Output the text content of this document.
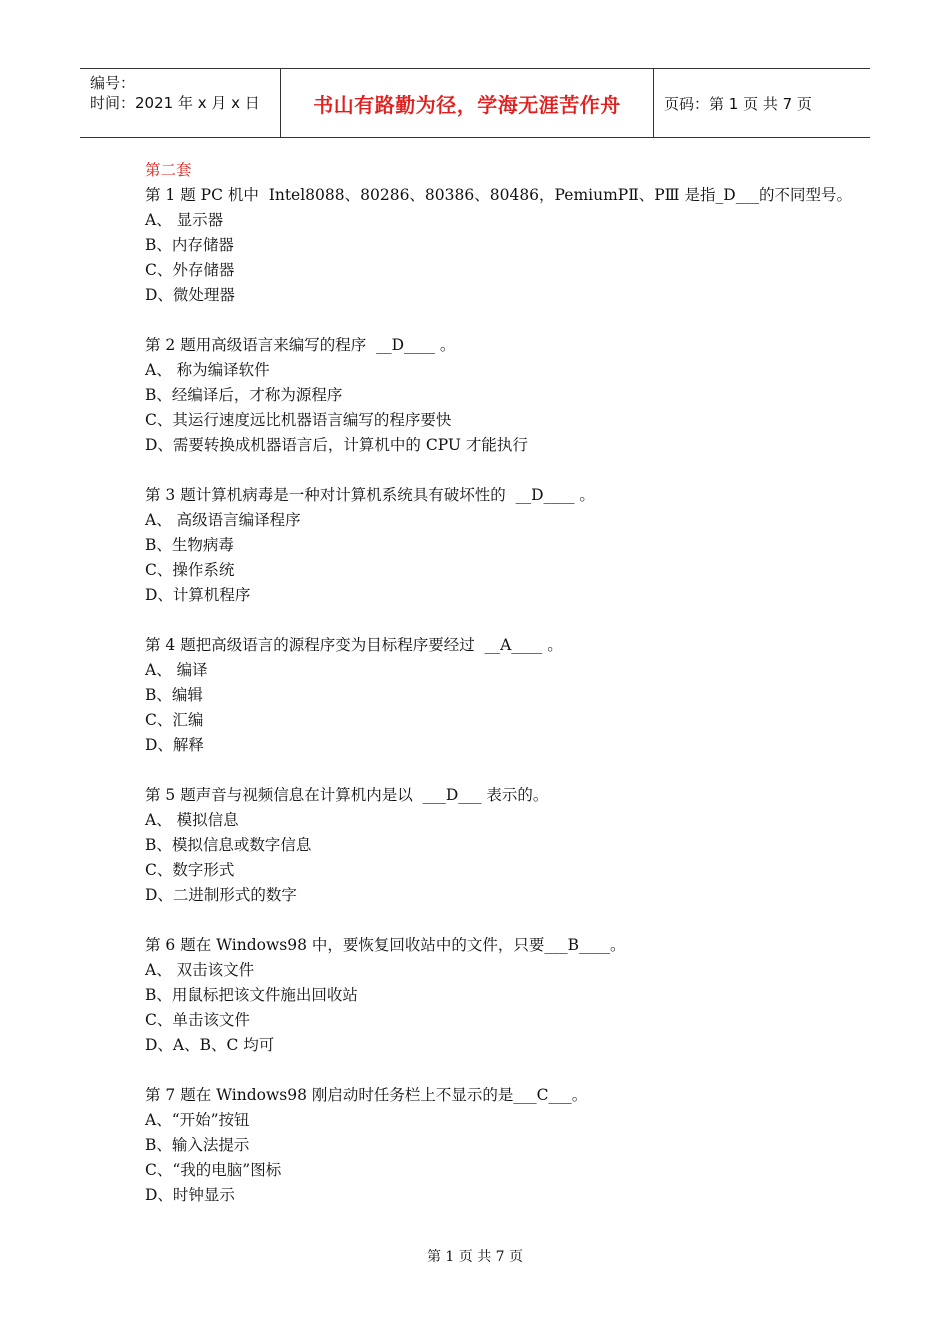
编号：
时间：2021 年 x 月 x 日	书山有路勤为径，学海无涯苦作舟	页码：第 1 页 共 7 页
第二套
第 1 题 PC 机中  Intel8088、80286、80386、80486，PemiumPⅡ、PⅢ 是指_D___的不同型号。
A、 显示器
B、内存储器
C、外存储器
D、微处理器
第 2 题用高级语言来编写的程序  __D____ 。
A、 称为编译软件
B、经编译后，才称为源程序
C、其运行速度远比机器语言编写的程序要快
D、需要转换成机器语言后，计算机中的 CPU 才能执行
第 3 题计算机病毒是一种对计算机系统具有破坏性的  __D____ 。
A、 高级语言编译程序
B、生物病毒
C、操作系统
D、计算机程序
第 4 题把高级语言的源程序变为目标程序要经过  __A____ 。
A、 编译
B、编辑
C、汇编
D、解释
第 5 题声音与视频信息在计算机内是以  ___D___ 表示的。
A、 模拟信息
B、模拟信息或数字信息
C、数字形式
D、二进制形式的数字
第 6 题在 Windows98 中，要恢复回收站中的文件，只要___B____。
A、 双击该文件
B、用鼠标把该文件施出回收站
C、单击该文件
D、A、B、C 均可
第 7 题在 Windows98 刚启动时任务栏上不显示的是___C___。
A、“开始”按钮
B、输入法提示
C、“我的电脑”图标
D、时钟显示
第 1 页 共 7 页
